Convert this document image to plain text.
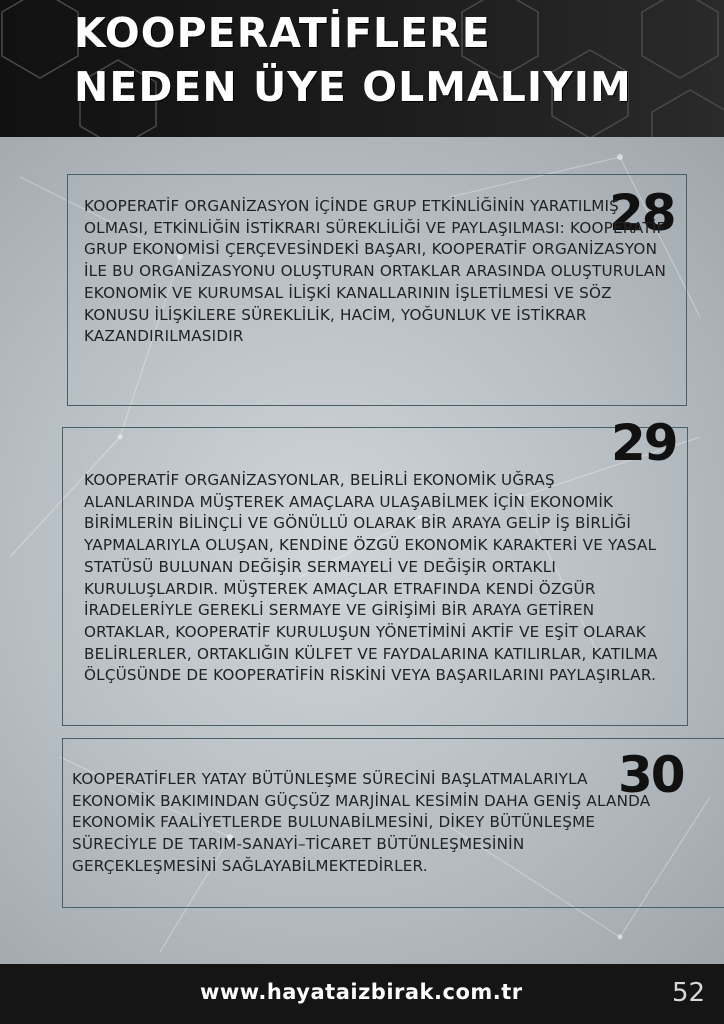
KOOPERATİFLERE
NEDEN ÜYE OLMALIYIM
28

KOOPERATİF ORGANİZASYON İÇİNDE GRUP ETKİNLİĞİNİN YARATILMIŞ OLMASI, ETKİNLİĞİN İSTİKRARI SÜREKLİLİĞİ VE PAYLAŞILMASI: KOOPERATİF GRUP EKONOMİSİ ÇERÇEVESİNDEKİ BAŞARI, KOOPERATİF ORGANİZASYON İLE BU ORGANİZASYONU OLUŞTURAN ORTAKLAR ARASINDA OLUŞTURULAN EKONOMİK VE KURUMSAL İLİŞKİ KANALLARININ İŞLETİLMESİ VE SÖZ KONUSU İLİŞKİLERE SÜREKLİLİK, HACİM, YOĞUNLUK VE İSTİKRAR KAZANDIRILMASIDIR

29

KOOPERATİF ORGANİZASYONLAR, BELİRLİ EKONOMİK UĞRAŞ ALANLARINDA MÜŞTEREK AMAÇLARA ULAŞABİLMEK İÇİN EKONOMİK BİRİMLERİN BİLİNÇLİ VE GÖNÜLLÜ OLARAK BİR ARAYA GELİP İŞ BİRLİĞİ YAPMALARIYLA OLUŞAN, KENDİNE ÖZGÜ EKONOMİK KARAKTERİ VE YASAL STATÜSÜ BULUNAN DEĞİŞİR SERMAYELİ VE DEĞİŞİR ORTAKLI KURULUŞLARDIR. MÜŞTEREK AMAÇLAR ETRAFINDA KENDİ ÖZGÜR İRADELERİYLE GEREKLİ SERMAYE VE GİRİŞİMİ BİR ARAYA GETİREN ORTAKLAR, KOOPERATİF KURULUŞUN YÖNETİMİNİ AKTİF VE EŞİT OLARAK BELİRLERLER, ORTAKLIĞIN KÜLFET VE FAYDALARINA KATILIRLAR, KATILMA ÖLÇÜSÜNDE DE KOOPERATİFİN RİSKİNİ VEYA BAŞARILARINI PAYLAŞIRLAR.

30

KOOPERATİFLER YATAY BÜTÜNLEŞME SÜRECİNİ BAŞLATMALARIYLA EKONOMİK BAKIMINDAN GÜÇSÜZ MARJİNAL KESİMİN DAHA GENİŞ ALANDA EKONOMİK FAALİYETLERDE BULUNABİLMESİNİ, DİKEY BÜTÜNLEŞME SÜRECİYLE DE TARIM-SANAYİ–TİCARET BÜTÜNLEŞMESİNİN GERÇEKLEŞMESİNİ SAĞLAYABİLMEKTEDİRLER.

www.hayataizbirak.com.tr	52
